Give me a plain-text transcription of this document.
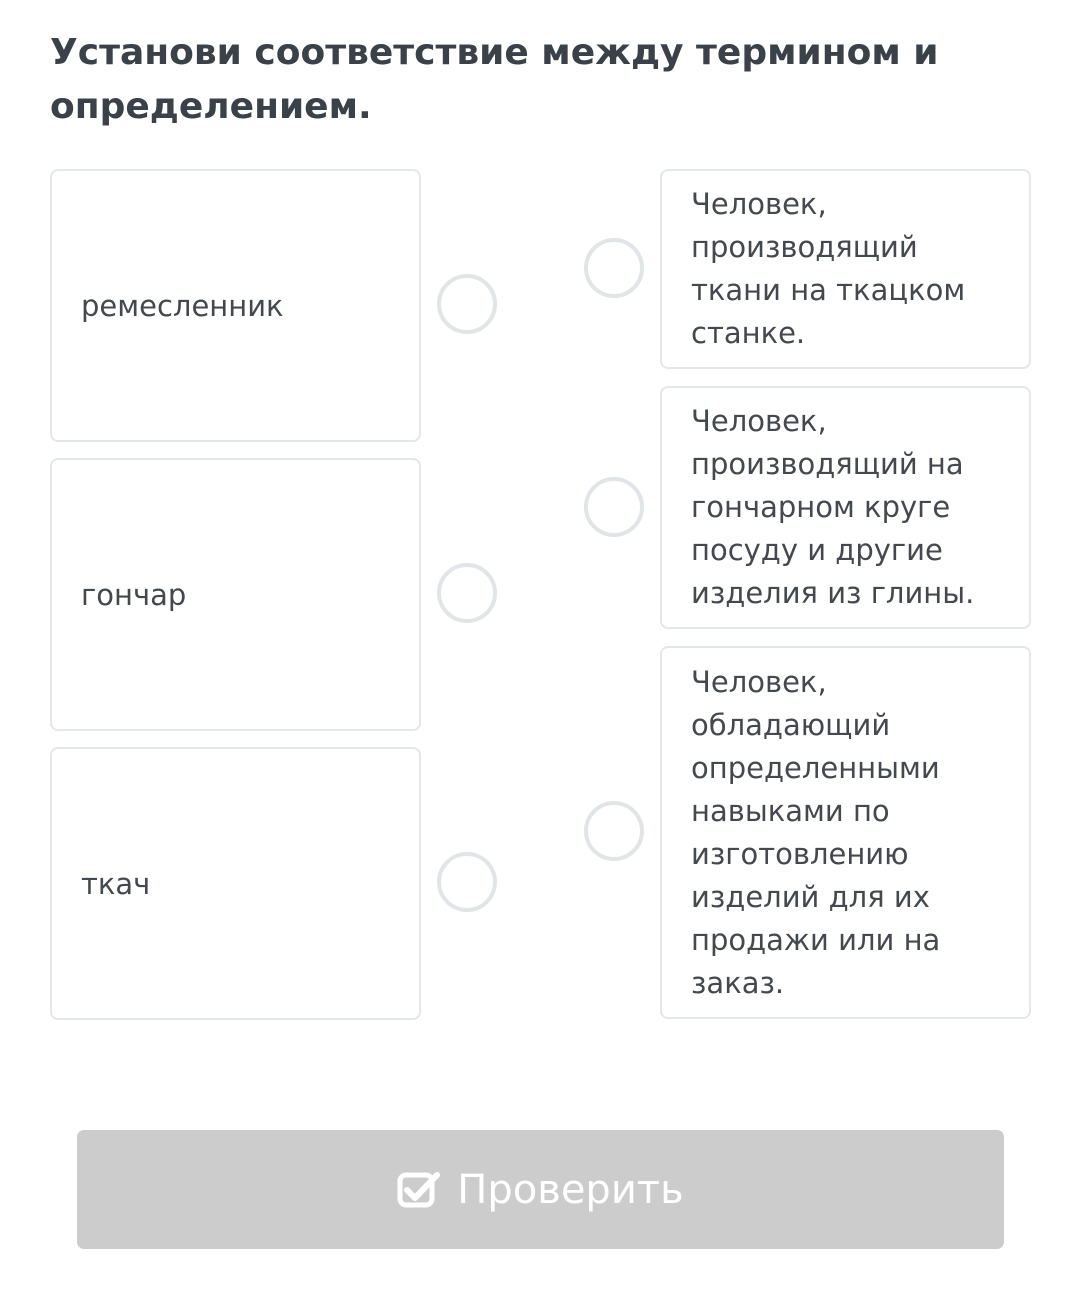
Установи соответствие между термином и определением.
ремесленник
гончар
ткач
Человек, производящий ткани на ткацком станке.
Человек, производящий на гончарном круге посуду и другие изделия из глины.
Человек, обладающий определенными навыками по изготовлению изделий для их продажи или на заказ.
Проверить
